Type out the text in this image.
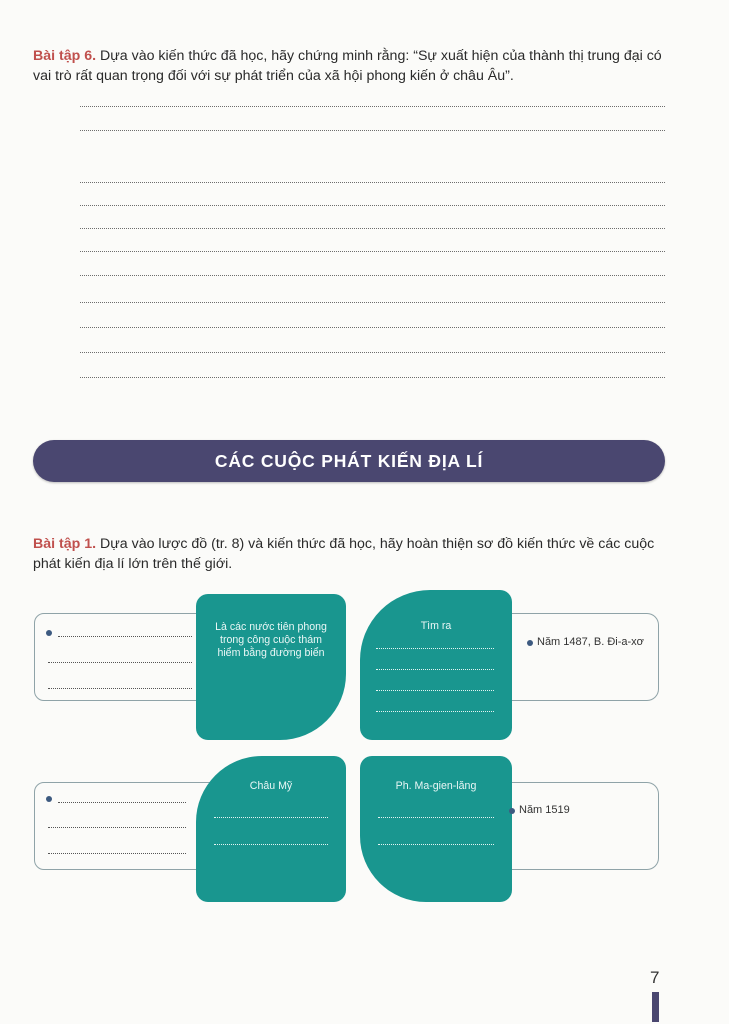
Bài tập 6. Dựa vào kiến thức đã học, hãy chứng minh rằng: “Sự xuất hiện của thành thị trung đại có vai trò rất quan trọng đối với sự phát triển của xã hội phong kiến ở châu Âu”.

CÁC CUỘC PHÁT KIẾN ĐỊA LÍ

Bài tập 1. Dựa vào lược đồ (tr. 8) và kiến thức đã học, hãy hoàn thiện sơ đồ kiến thức về các cuộc phát kiến địa lí lớn trên thế giới.

Là các nước tiên phong trong công cuộc thám hiểm bằng đường biển
Tìm ra
Châu Mỹ	Ph. Ma-gien-lăng
Năm 1487, B. Đi-a-xơ
Năm 1519
7
